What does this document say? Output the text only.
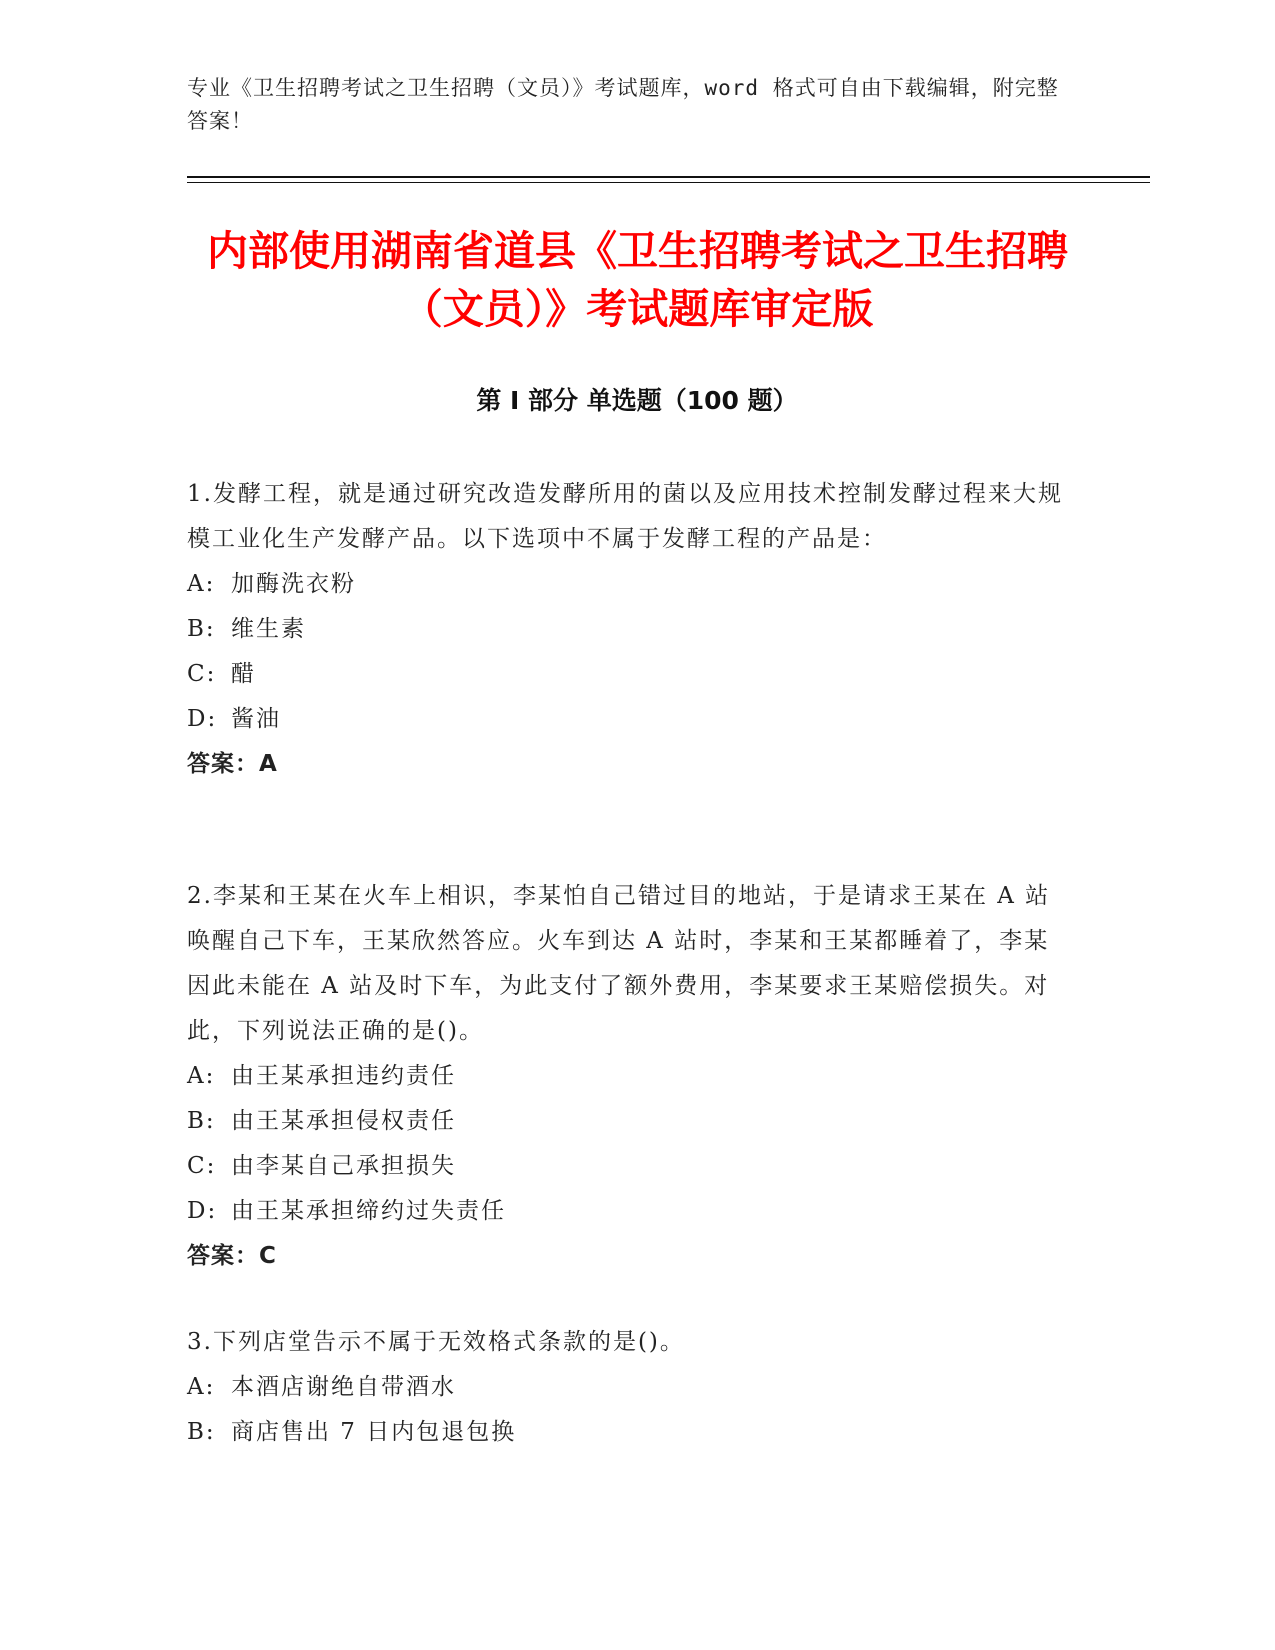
专业《卫生招聘考试之卫生招聘（文员）》考试题库，word 格式可自由下载编辑，附完整答案！
内部使用湖南省道县《卫生招聘考试之卫生招聘（文员）》考试题库审定版
第 I 部分 单选题（100 题）
1.发酵工程，就是通过研究改造发酵所用的菌以及应用技术控制发酵过程来大规模工业化生产发酵产品。以下选项中不属于发酵工程的产品是：
A: 加酶洗衣粉
B: 维生素
C: 醋
D: 酱油
答案：A
2.李某和王某在火车上相识，李某怕自己错过目的地站，于是请求王某在 A 站唤醒自己下车，王某欣然答应。火车到达 A 站时，李某和王某都睡着了，李某因此未能在 A 站及时下车，为此支付了额外费用，李某要求王某赔偿损失。对此，下列说法正确的是()。
A: 由王某承担违约责任
B: 由王某承担侵权责任
C: 由李某自己承担损失
D: 由王某承担缔约过失责任
答案：C
3.下列店堂告示不属于无效格式条款的是()。
A: 本酒店谢绝自带酒水
B: 商店售出 7 日内包退包换
